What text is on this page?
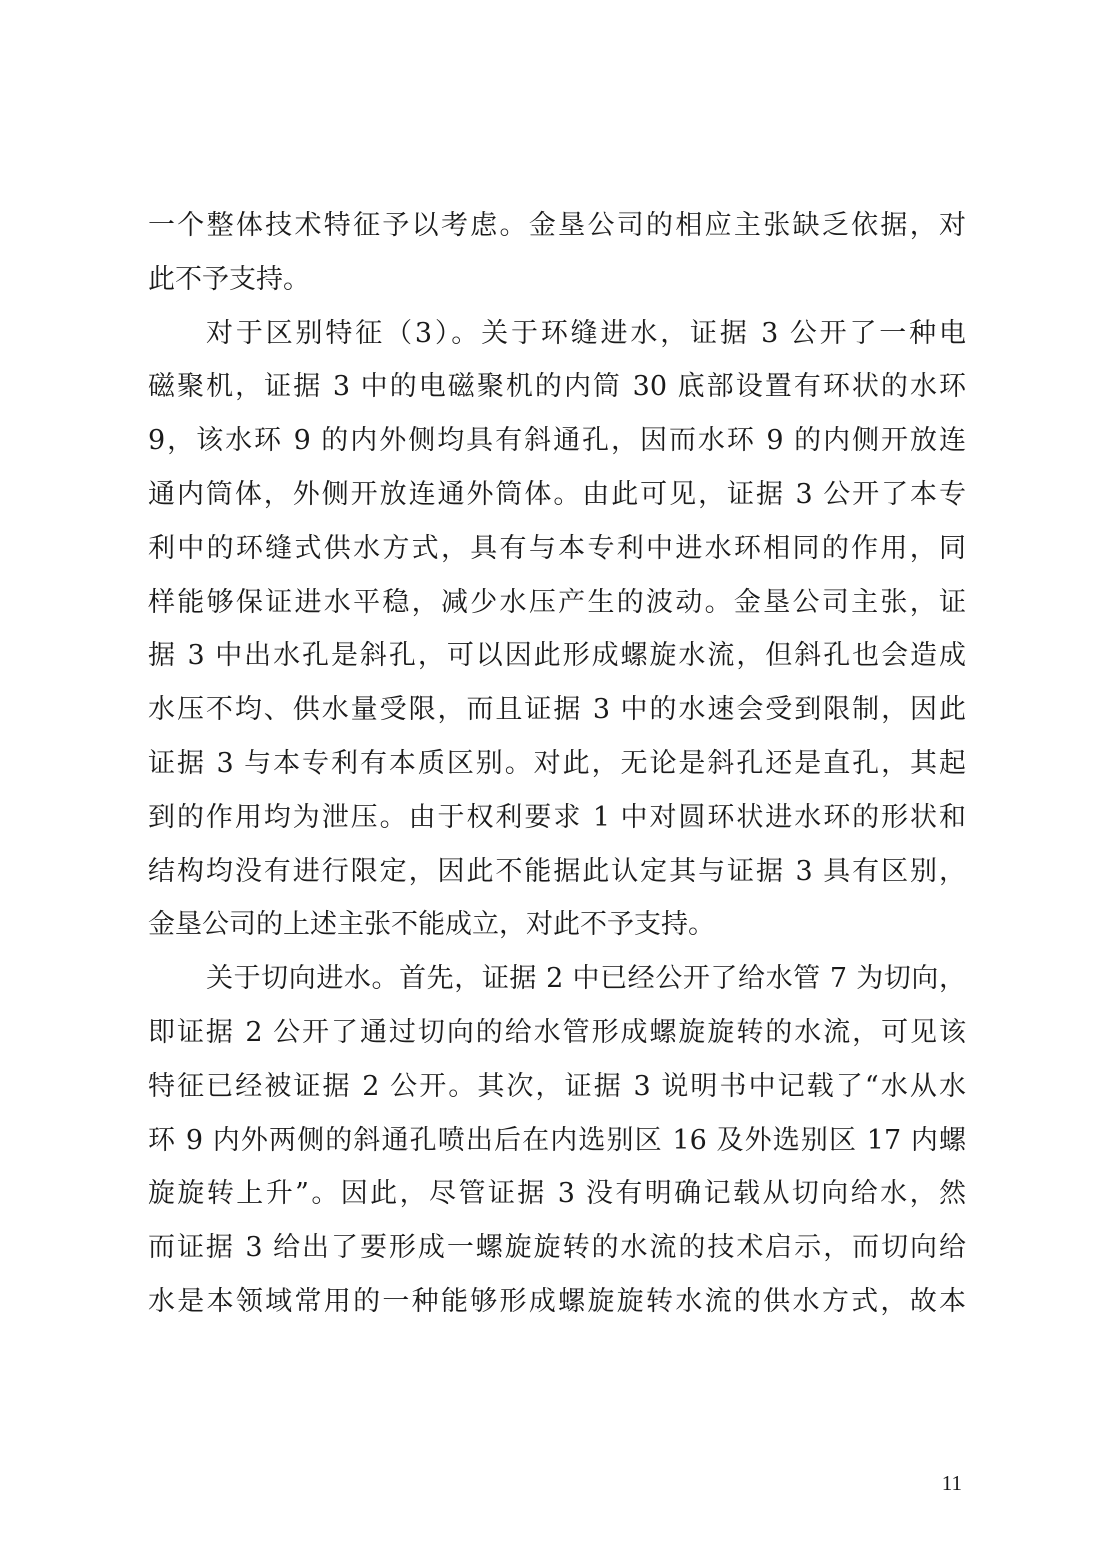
一个整体技术特征予以考虑。金垦公司的相应主张缺乏依据，对
此不予支持。
对于区别特征（3）。关于环缝进水，证据 3 公开了一种电
磁聚机，证据 3 中的电磁聚机的内筒 30 底部设置有环状的水环
9，该水环 9 的内外侧均具有斜通孔，因而水环 9 的内侧开放连
通内筒体，外侧开放连通外筒体。由此可见，证据 3 公开了本专
利中的环缝式供水方式，具有与本专利中进水环相同的作用，同
样能够保证进水平稳，减少水压产生的波动。金垦公司主张，证
据 3 中出水孔是斜孔，可以因此形成螺旋水流，但斜孔也会造成
水压不均、供水量受限，而且证据 3 中的水速会受到限制，因此
证据 3 与本专利有本质区别。对此，无论是斜孔还是直孔，其起
到的作用均为泄压。由于权利要求 1 中对圆环状进水环的形状和
结构均没有进行限定，因此不能据此认定其与证据 3 具有区别，
金垦公司的上述主张不能成立，对此不予支持。
关于切向进水。首先，证据 2 中已经公开了给水管 7 为切向，
即证据 2 公开了通过切向的给水管形成螺旋旋转的水流，可见该
特征已经被证据 2 公开。其次，证据 3 说明书中记载了“水从水
环 9 内外两侧的斜通孔喷出后在内选别区 16 及外选别区 17 内螺
旋旋转上升”。因此，尽管证据 3 没有明确记载从切向给水，然
而证据 3 给出了要形成一螺旋旋转的水流的技术启示，而切向给
水是本领域常用的一种能够形成螺旋旋转水流的供水方式，故本
11
